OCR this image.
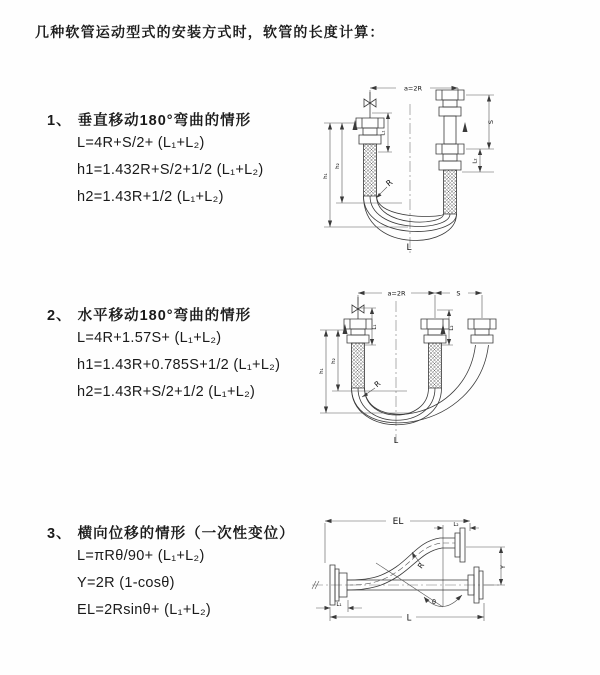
几种软管运动型式的安装方式时，软管的长度计算：
1、 垂直移动180°弯曲的情形
L=4R+S/2+ (L₁+L₂)
h1=1.432R+S/2+1/2 (L₁+L₂)
h2=1.43R+1/2 (L₁+L₂)
2、 水平移动180°弯曲的情形
L=4R+1.57S+ (L₁+L₂)
h1=1.43R+0.785S+1/2 (L₁+L₂)
h2=1.43R+S/2+1/2 (L₁+L₂)
3、 横向位移的情形（一次性变位）
L=πRθ/90+ (L₁+L₂)
Y=2R (1-cosθ)
EL=2Rsinθ+ (L₁+L₂)
a=2R
h₁
h₂
L₁
S
L₂
R
L
a=2R	S
L₁	L₂
h₁
h₂
R
L
EL	L₂
θ
R	Y
L₁
L
